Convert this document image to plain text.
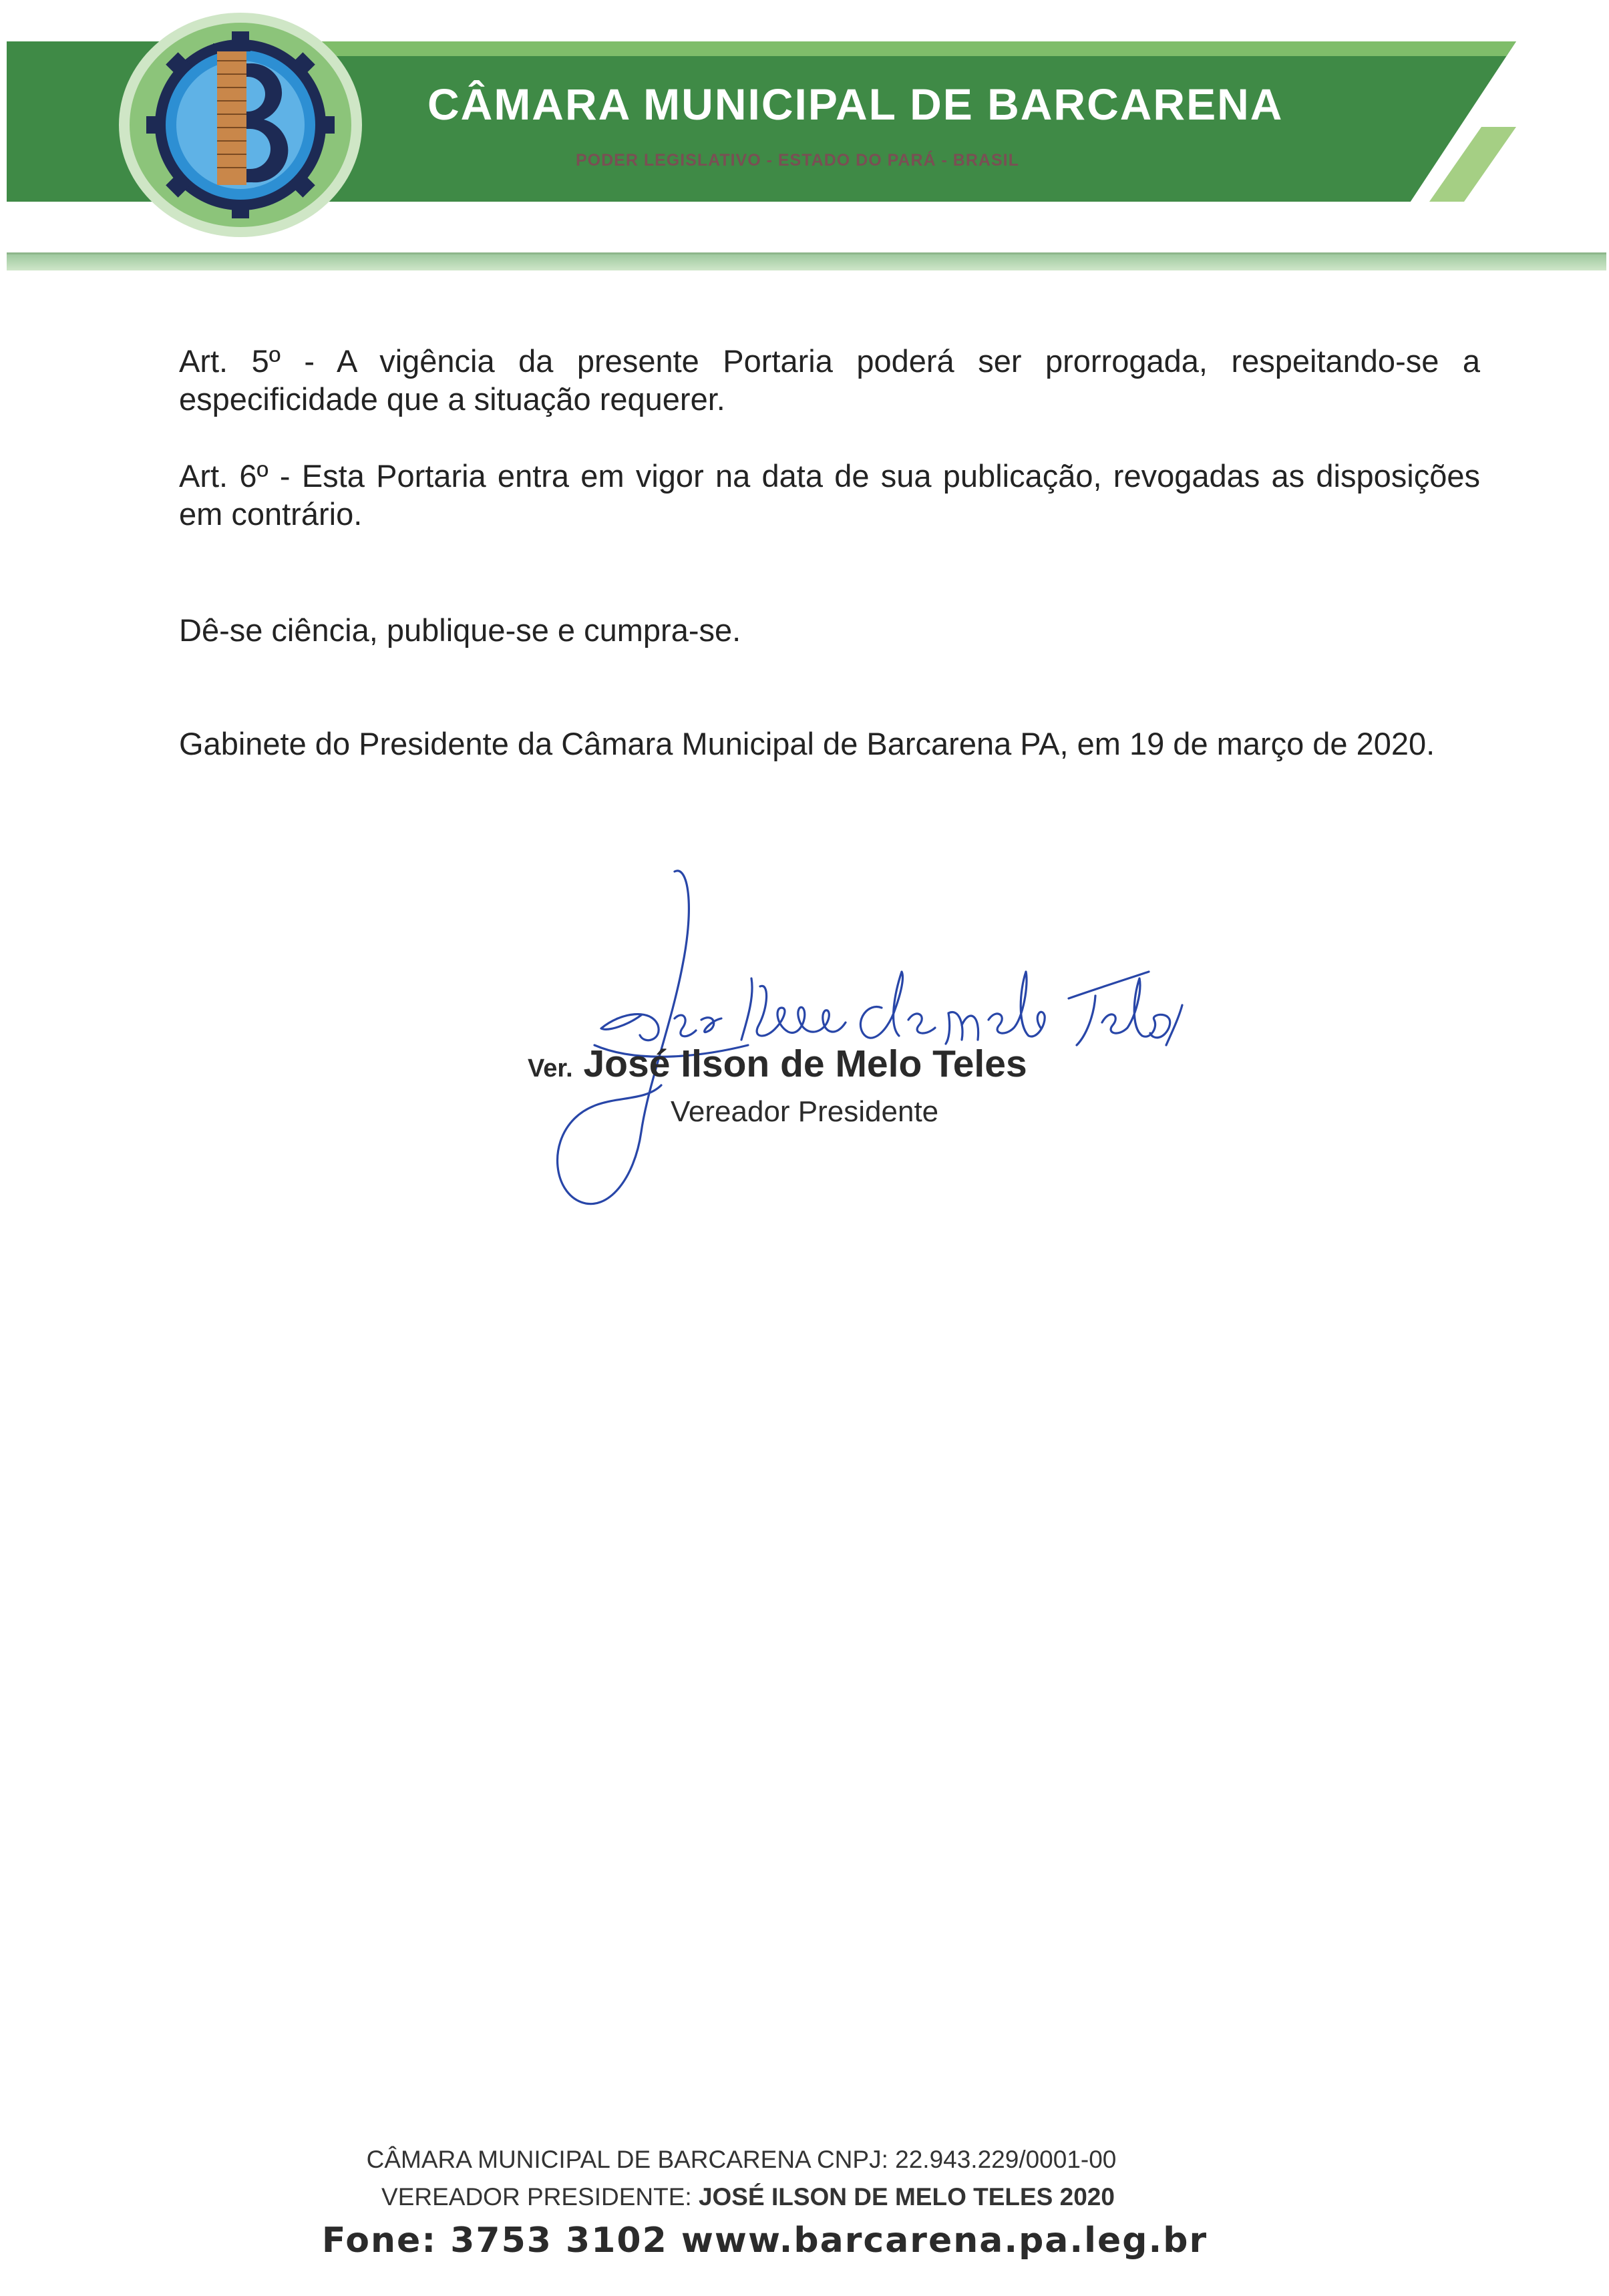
CÂMARA MUNICIPAL DE BARCARENA
PODER LEGISLATIVO - ESTADO DO PARÁ - BRASIL

Art. 5º - A vigência da presente Portaria poderá ser prorrogada, respeitando-se a especificidade que a situação requerer.

Art. 6º - Esta Portaria entra em vigor na data de sua publicação, revogadas as disposições em contrário.

Dê-se ciência, publique-se e cumpra-se.

Gabinete do Presidente da Câmara Municipal de Barcarena PA, em 19 de março de 2020.

Ver. José Ilson de Melo Teles
Vereador Presidente
CÂMARA MUNICIPAL DE BARCARENA CNPJ: 22.943.229/0001-00
VEREADOR PRESIDENTE: JOSÉ ILSON DE MELO TELES 2020
Fone: 3753 3102 www.barcarena.pa.leg.br
